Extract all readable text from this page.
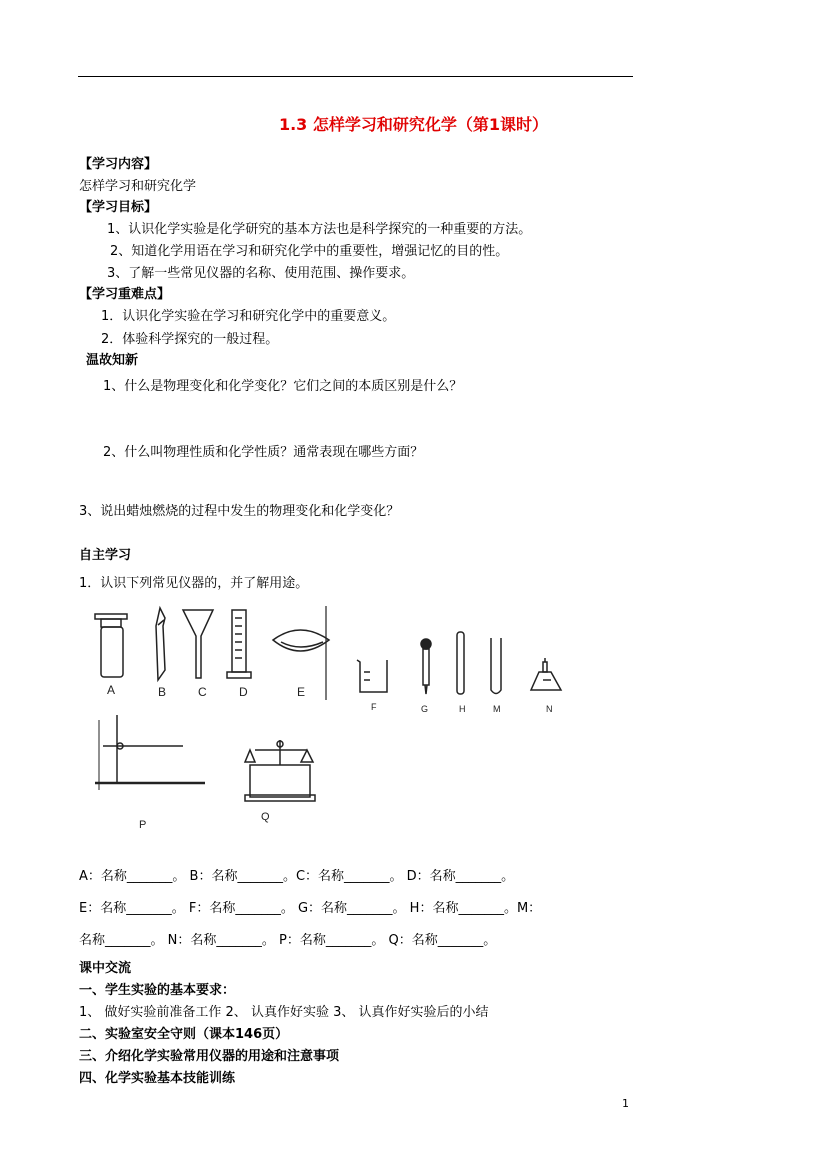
1.3 怎样学习和研究化学（第1课时）
【学习内容】
怎样学习和研究化学
【学习目标】
1、认识化学实验是化学研究的基本方法也是科学探究的一种重要的方法。
2、知道化学用语在学习和研究化学中的重要性，增强记忆的目的性。
3、了解一些常见仪器的名称、使用范围、操作要求。
【学习重难点】
1．认识化学实验在学习和研究化学中的重要意义。
2．体验科学探究的一般过程。
温故知新
1、什么是物理变化和化学变化？它们之间的本质区别是什么？
2、什么叫物理性质和化学性质？通常表现在哪些方面？
3、说出蜡烛燃烧的过程中发生的物理变化和化学变化？
自主学习
1．认识下列常见仪器的，并了解用途。
A	B	C	D	E
F	G	H	M	N
P
Q
A：名称_______。 B：名称_______。C：名称_______。 D：名称_______。
E：名称_______。 F：名称_______。 G：名称_______。 H：名称_______。M：
名称_______。 N：名称_______。 P：名称_______。 Q：名称_______。
课中交流
一、学生实验的基本要求：
1、 做好实验前准备工作 2、 认真作好实验 3、 认真作好实验后的小结
二、实验室安全守则（课本146页）
三、介绍化学实验常用仪器的用途和注意事项
四、化学实验基本技能训练
1
